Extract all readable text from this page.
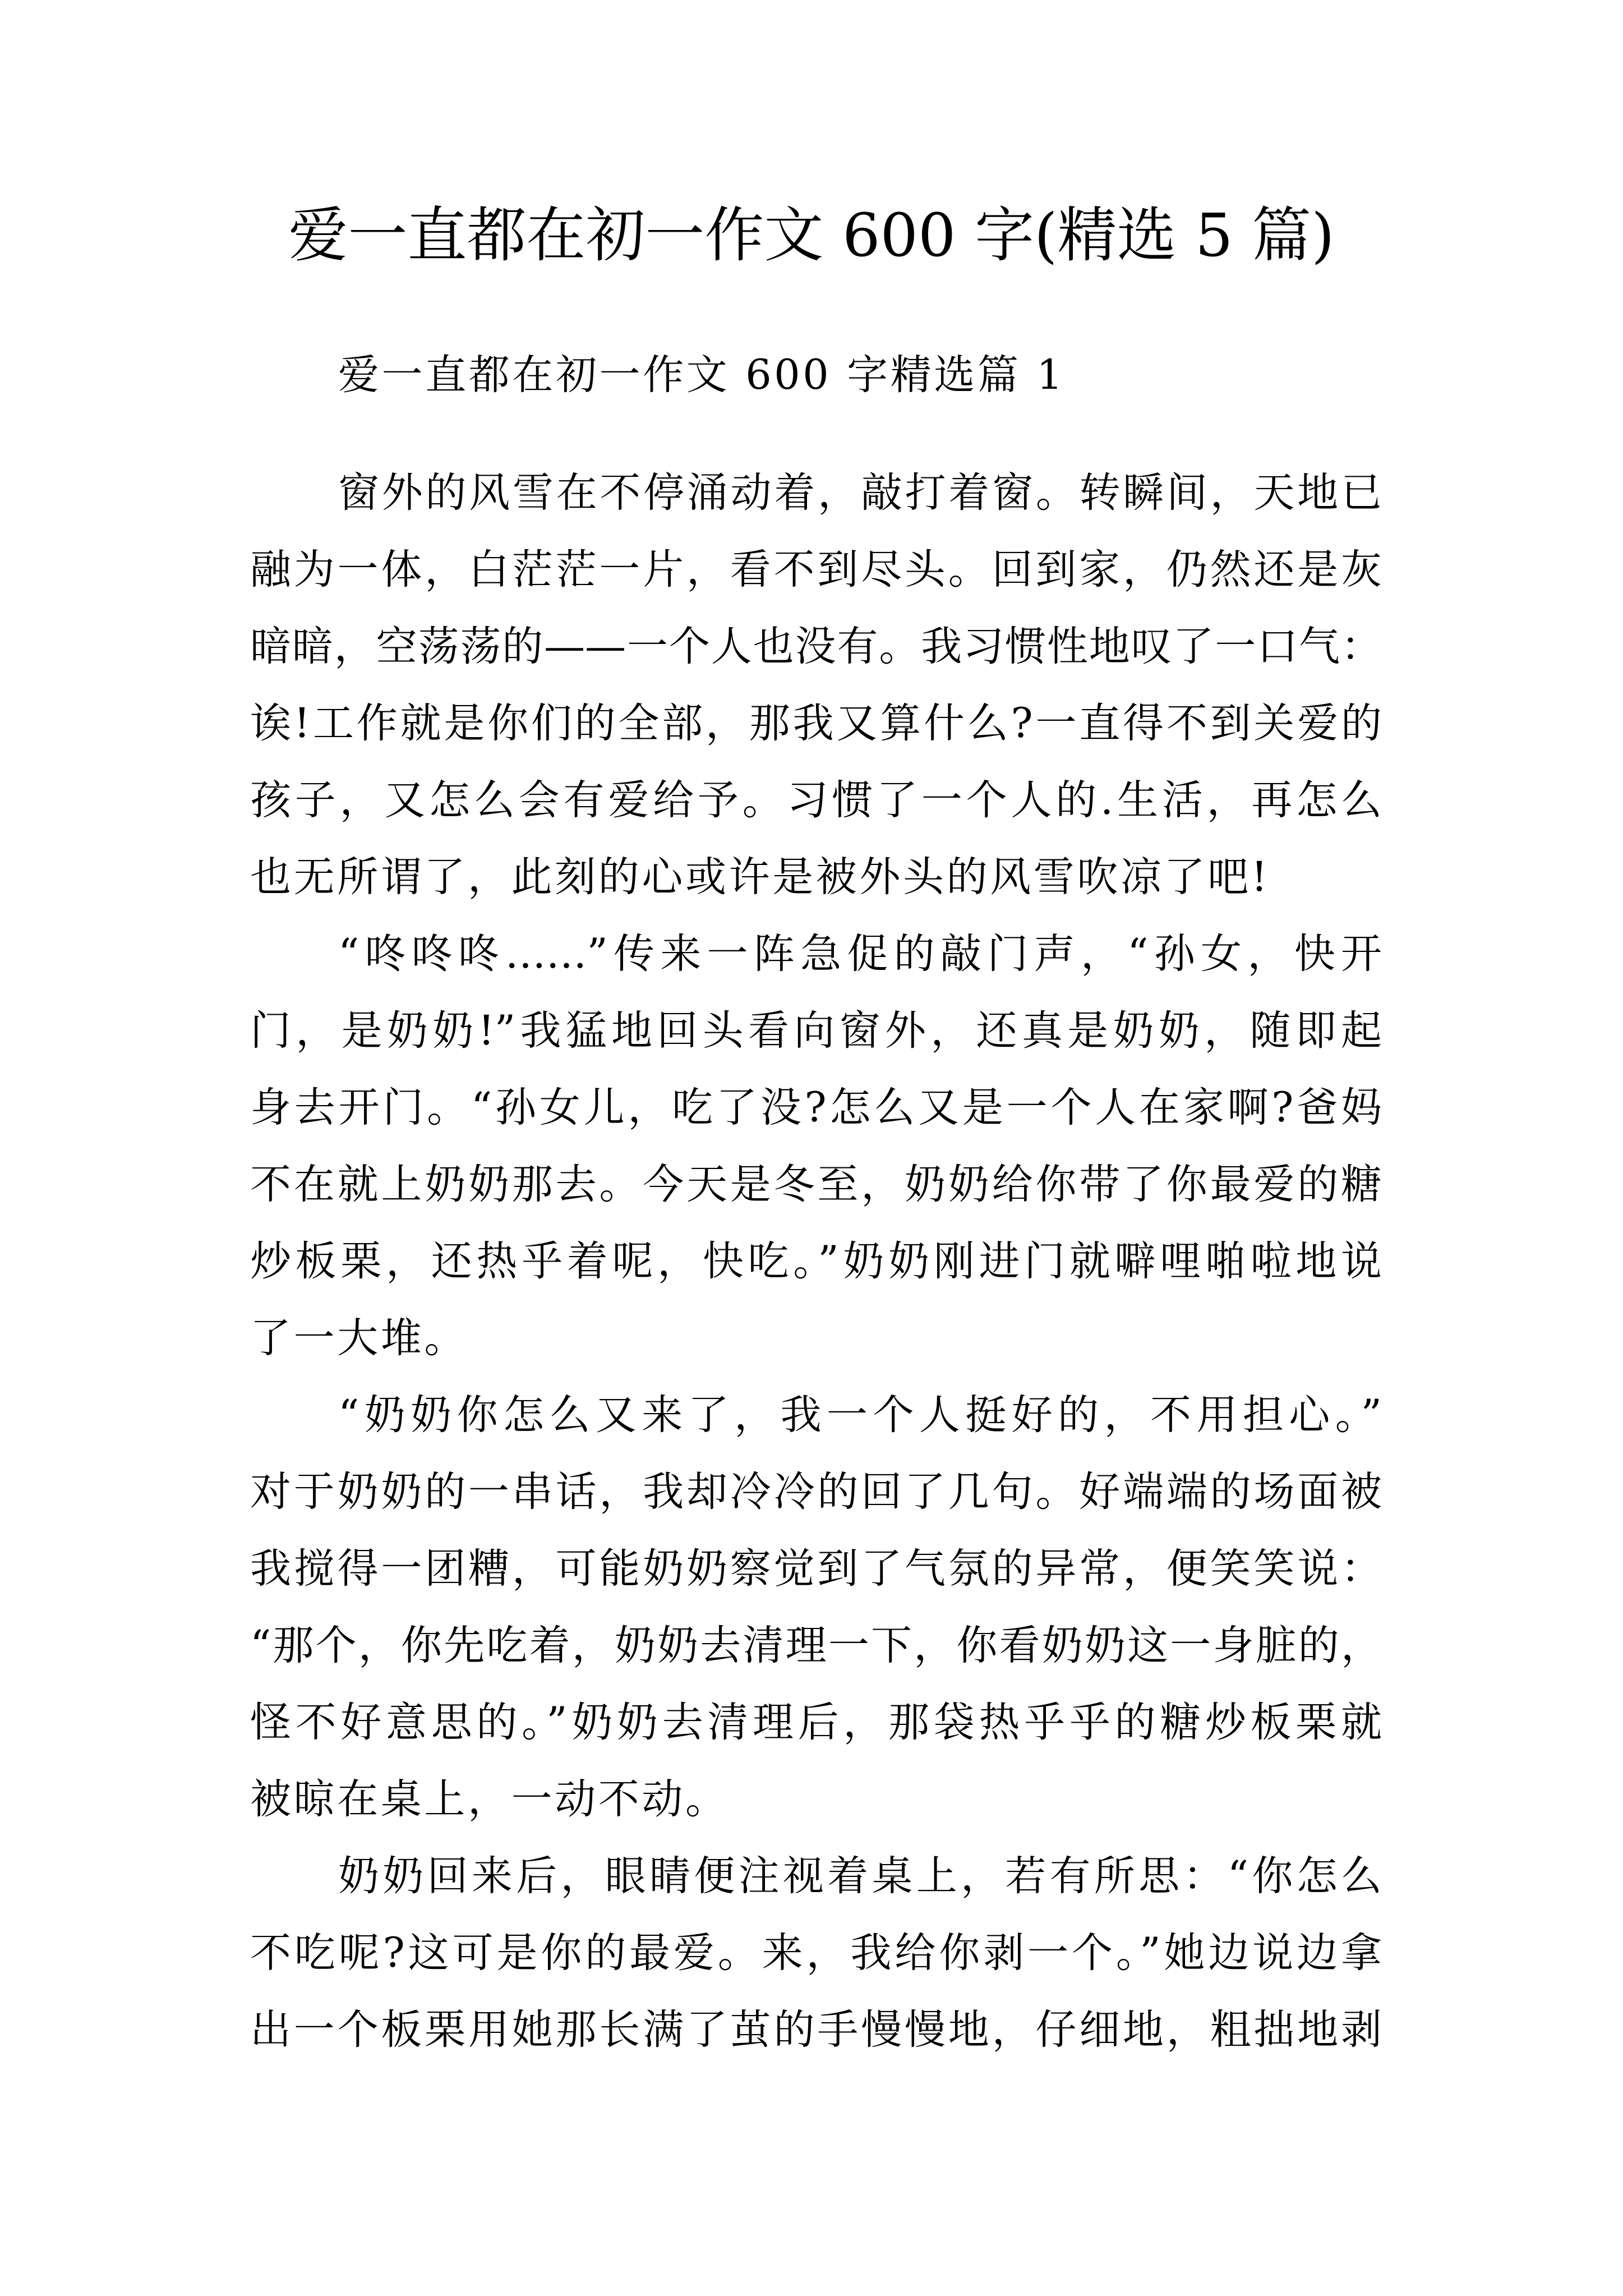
爱一直都在初一作文 600 字(精选 5 篇)
爱一直都在初一作文 600 字精选篇 1
窗外的风雪在不停涌动着，敲打着窗。转瞬间，天地已
融为一体，白茫茫一片，看不到尽头。回到家，仍然还是灰
暗暗，空荡荡的——一个人也没有。我习惯性地叹了一口气：
诶!工作就是你们的全部，那我又算什么?一直得不到关爱的
孩子，又怎么会有爱给予。习惯了一个人的.生活，再怎么
也无所谓了，此刻的心或许是被外头的风雪吹凉了吧!
“咚咚咚……”传来一阵急促的敲门声，“孙女，快开
门，是奶奶!”我猛地回头看向窗外，还真是奶奶，随即起
身去开门。“孙女儿，吃了没?怎么又是一个人在家啊?爸妈
不在就上奶奶那去。今天是冬至，奶奶给你带了你最爱的糖
炒板栗，还热乎着呢，快吃。”奶奶刚进门就噼哩啪啦地说
了一大堆。
“奶奶你怎么又来了，我一个人挺好的，不用担心。”
对于奶奶的一串话，我却冷冷的回了几句。好端端的场面被
我搅得一团糟，可能奶奶察觉到了气氛的异常，便笑笑说：
“那个，你先吃着，奶奶去清理一下，你看奶奶这一身脏的，
怪不好意思的。”奶奶去清理后，那袋热乎乎的糖炒板栗就
被晾在桌上，一动不动。
奶奶回来后，眼睛便注视着桌上，若有所思：“你怎么
不吃呢?这可是你的最爱。来，我给你剥一个。”她边说边拿
出一个板栗用她那长满了茧的手慢慢地，仔细地，粗拙地剥
